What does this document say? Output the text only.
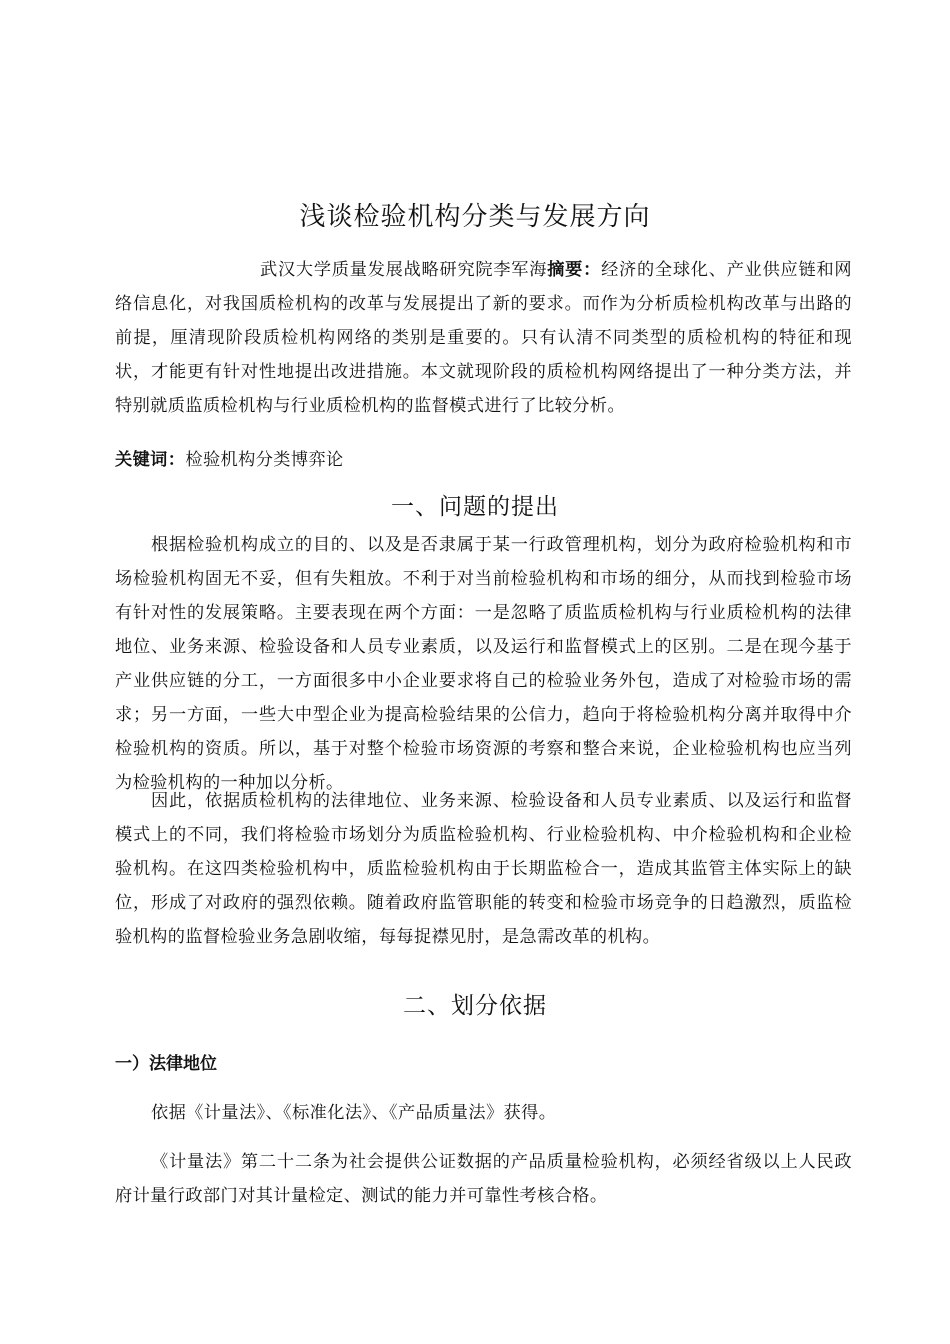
浅谈检验机构分类与发展方向

武汉大学质量发展战略研究院李军海摘要：经济的全球化、产业供应链和网络信息化，对我国质检机构的改革与发展提出了新的要求。而作为分析质检机构改革与出路的前提，厘清现阶段质检机构网络的类别是重要的。只有认清不同类型的质检机构的特征和现状，才能更有针对性地提出改进措施。本文就现阶段的质检机构网络提出了一种分类方法，并特别就质监质检机构与行业质检机构的监督模式进行了比较分析。

关键词：检验机构分类博弈论

一、问题的提出

根据检验机构成立的目的、以及是否隶属于某一行政管理机构，划分为政府检验机构和市场检验机构固无不妥，但有失粗放。不利于对当前检验机构和市场的细分，从而找到检验市场有针对性的发展策略。主要表现在两个方面：一是忽略了质监质检机构与行业质检机构的法律地位、业务来源、检验设备和人员专业素质，以及运行和监督模式上的区别。二是在现今基于产业供应链的分工，一方面很多中小企业要求将自己的检验业务外包，造成了对检验市场的需求；另一方面，一些大中型企业为提高检验结果的公信力，趋向于将检验机构分离并取得中介检验机构的资质。所以，基于对整个检验市场资源的考察和整合来说，企业检验机构也应当列为检验机构的一种加以分析。

因此，依据质检机构的法律地位、业务来源、检验设备和人员专业素质、以及运行和监督模式上的不同，我们将检验市场划分为质监检验机构、行业检验机构、中介检验机构和企业检验机构。在这四类检验机构中，质监检验机构由于长期监检合一，造成其监管主体实际上的缺位，形成了对政府的强烈依赖。随着政府监管职能的转变和检验市场竞争的日趋激烈，质监检验机构的监督检验业务急剧收缩，每每捉襟见肘，是急需改革的机构。

二、划分依据
一）法律地位

依据《计量法》、《标准化法》、《产品质量法》获得。

《计量法》第二十二条为社会提供公证数据的产品质量检验机构，必须经省级以上人民政府计量行政部门对其计量检定、测试的能力并可靠性考核合格。
